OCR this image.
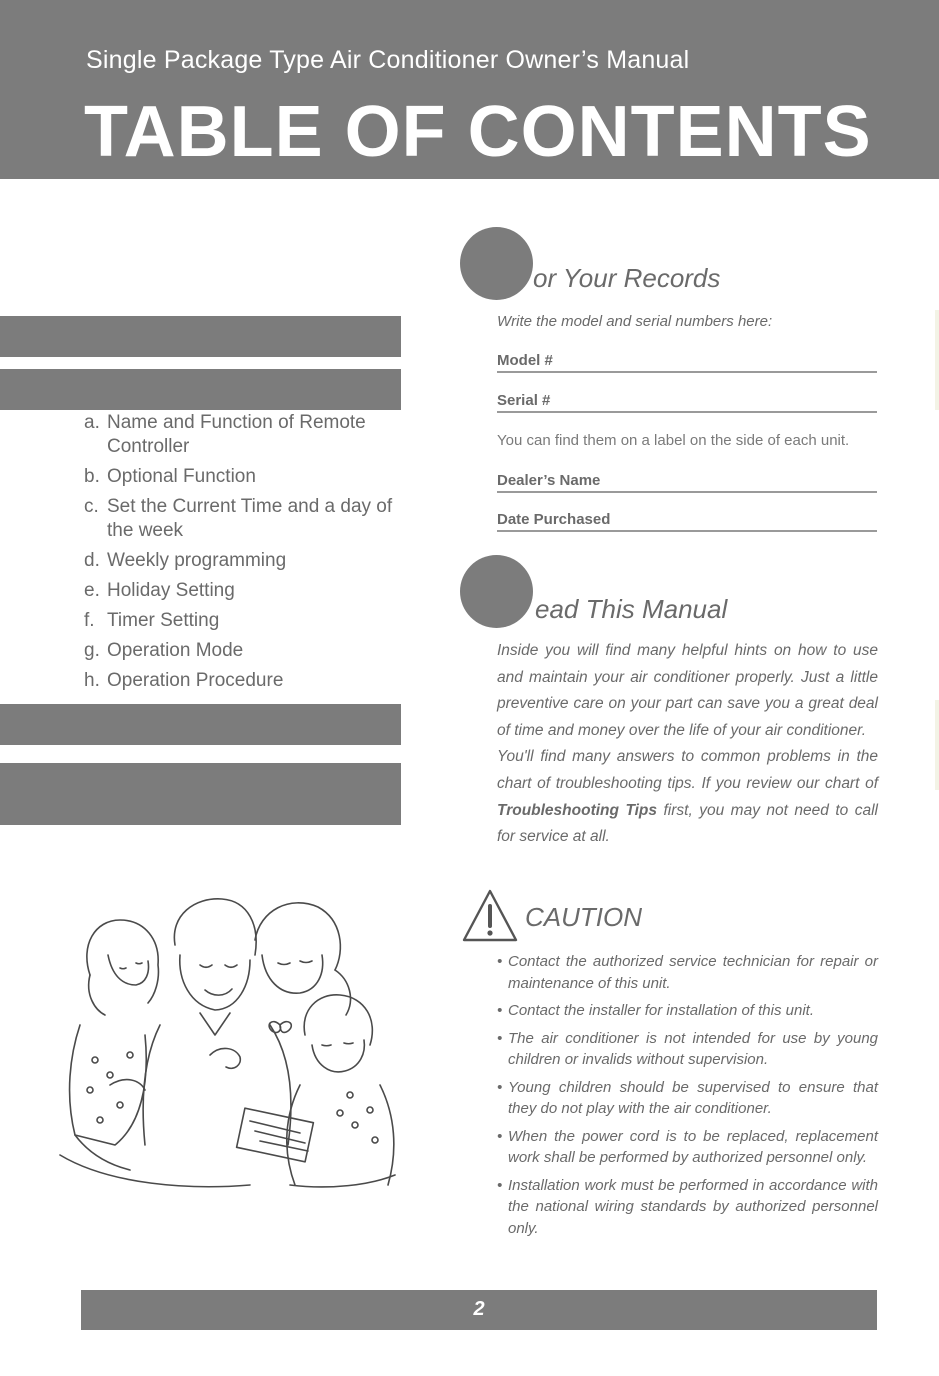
Single Package Type Air Conditioner Owner’s Manual
TABLE OF CONTENTS
a. Name and Function of Remote Controller
b. Optional Function
c. Set the Current Time and a day of the week
d. Weekly programming
e. Holiday Setting
f. Timer Setting
g. Operation Mode
h. Operation Procedure
or Your Records
Write the model and serial numbers here:
Model #
Serial #
You can find them on a label on the side of each unit.
Dealer’s Name
Date Purchased
ead This Manual
Inside you will find many helpful hints on how to use and maintain your air conditioner properly. Just a little preventive care on your part can save you a great deal of time and money over the life of your air conditioner.
You'll find many answers to common problems in the chart of troubleshooting tips. If you review our chart of Troubleshooting Tips first, you may not need to call for service at all.
CAUTION
• Contact the authorized service technician for repair or maintenance of this unit.
• Contact the installer for installation of this unit.
• The air conditioner is not intended for use by young children or invalids without supervision.
• Young children should be supervised to ensure that they do not play with the air conditioner.
• When the power cord is to be replaced, replacement work shall be performed by authorized personnel only.
• Installation work must be performed in accordance with the national wiring standards by authorized personnel only.
2
